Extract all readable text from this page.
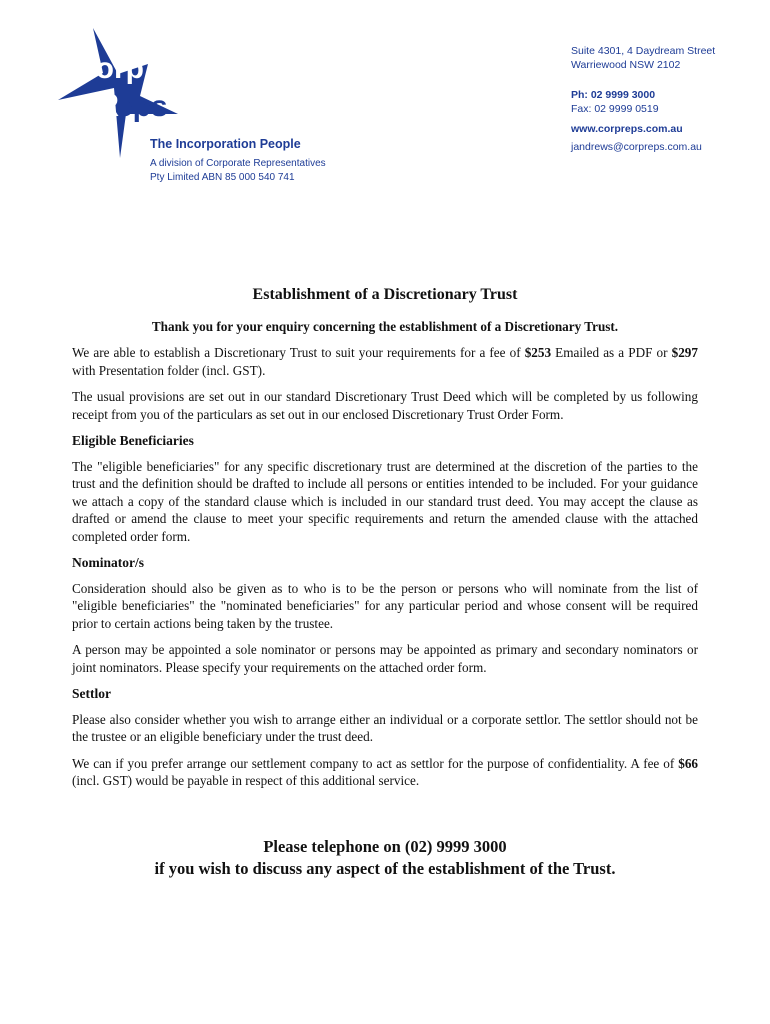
Corp
R
eps
The Incorporation People
A division of Corporate Representatives
Pty Limited ABN 85 000 540 741
Suite 4301, 4 Daydream Street
Warriewood NSW 2102
Ph: 02 9999 3000
Fax: 02 9999 0519
www.corpreps.com.au
jandrews@corpreps.com.au
Establishment of a Discretionary Trust
Thank you for your enquiry concerning the establishment of a Discretionary Trust.

We are able to establish a Discretionary Trust to suit your requirements for a fee of $253 Emailed as a PDF or $297 with Presentation folder (incl. GST).

The usual provisions are set out in our standard Discretionary Trust Deed which will be completed by us following receipt from you of the particulars as set out in our enclosed Discretionary Trust Order Form.

Eligible Beneficiaries

The "eligible beneficiaries" for any specific discretionary trust are determined at the discretion of the parties to the trust and the definition should be drafted to include all persons or entities intended to be included. For your guidance we attach a copy of the standard clause which is included in our standard trust deed. You may accept the clause as drafted or amend the clause to meet your specific requirements and return the amended clause with the attached completed order form.

Nominator/s

Consideration should also be given as to who is to be the person or persons who will nominate from the list of "eligible beneficiaries" the "nominated beneficiaries" for any particular period and whose consent will be required prior to certain actions being taken by the trustee.

A person may be appointed a sole nominator or persons may be appointed as primary and secondary nominators or joint nominators. Please specify your requirements on the attached order form.

Settlor

Please also consider whether you wish to arrange either an individual or a corporate settlor. The settlor should not be the trustee or an eligible beneficiary under the trust deed.

We can if you prefer arrange our settlement company to act as settlor for the purpose of confidentiality. A fee of $66 (incl. GST) would be payable in respect of this additional service.

Please telephone on (02) 9999 3000
if you wish to discuss any aspect of the establishment of the Trust.
